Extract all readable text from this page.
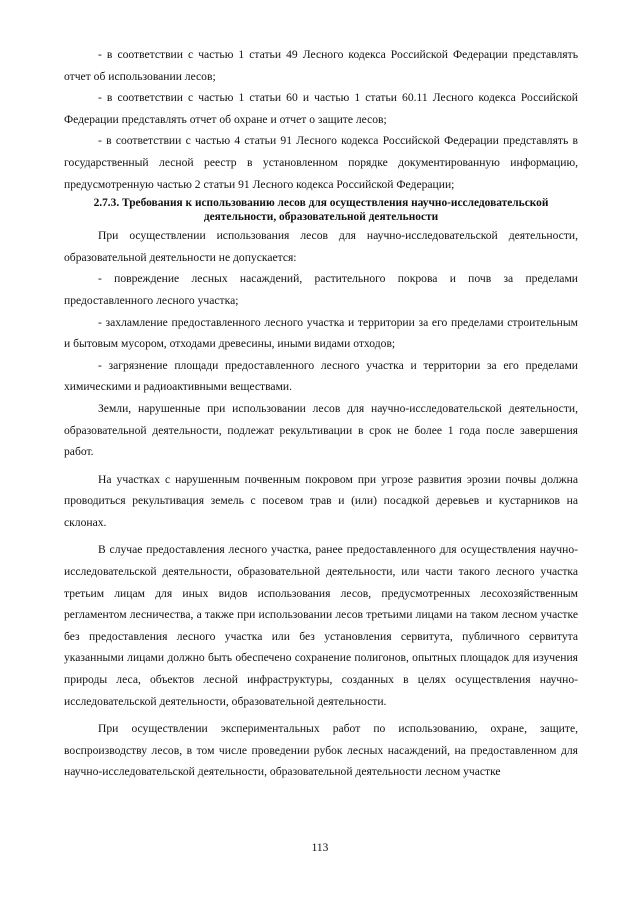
- в соответствии с частью 1 статьи 49 Лесного кодекса Российской Федерации представлять отчет об использовании лесов;

- в соответствии с частью 1 статьи 60 и частью 1 статьи 60.11 Лесного кодекса Российской Федерации представлять отчет об охране и отчет о защите лесов;

- в соответствии с частью 4 статьи 91 Лесного кодекса Российской Федерации представлять в государственный лесной реестр в установленном порядке документированную информацию, предусмотренную частью 2 статьи 91 Лесного кодекса Российской Федерации;

2.7.3. Требования к использованию лесов для осуществления научно-исследовательской деятельности, образовательной деятельности

При осуществлении использования лесов для научно-исследовательской деятельности, образовательной деятельности не допускается:

- повреждение лесных насаждений, растительного покрова и почв за пределами предоставленного лесного участка;

- захламление предоставленного лесного участка и территории за его пределами строительным и бытовым мусором, отходами древесины, иными видами отходов;

- загрязнение площади предоставленного лесного участка и территории за его пределами химическими и радиоактивными веществами.

Земли, нарушенные при использовании лесов для научно-исследовательской деятельности, образовательной деятельности, подлежат рекультивации в срок не более 1 года после завершения работ.

На участках с нарушенным почвенным покровом при угрозе развития эрозии почвы должна проводиться рекультивация земель с посевом трав и (или) посадкой деревьев и кустарников на склонах.

В случае предоставления лесного участка, ранее предоставленного для осуществления научно-исследовательской деятельности, образовательной деятельности, или части такого лесного участка третьим лицам для иных видов использования лесов, предусмотренных лесохозяйственным регламентом лесничества, а также при использовании лесов третьими лицами на таком лесном участке без предоставления лесного участка или без установления сервитута, публичного сервитута указанными лицами должно быть обеспечено сохранение полигонов, опытных площадок для изучения природы леса, объектов лесной инфраструктуры, созданных в целях осуществления научно-исследовательской деятельности, образовательной деятельности.

При осуществлении экспериментальных работ по использованию, охране, защите, воспроизводству лесов, в том числе проведении рубок лесных насаждений, на предоставленном для научно-исследовательской деятельности, образовательной деятельности лесном участке

113
